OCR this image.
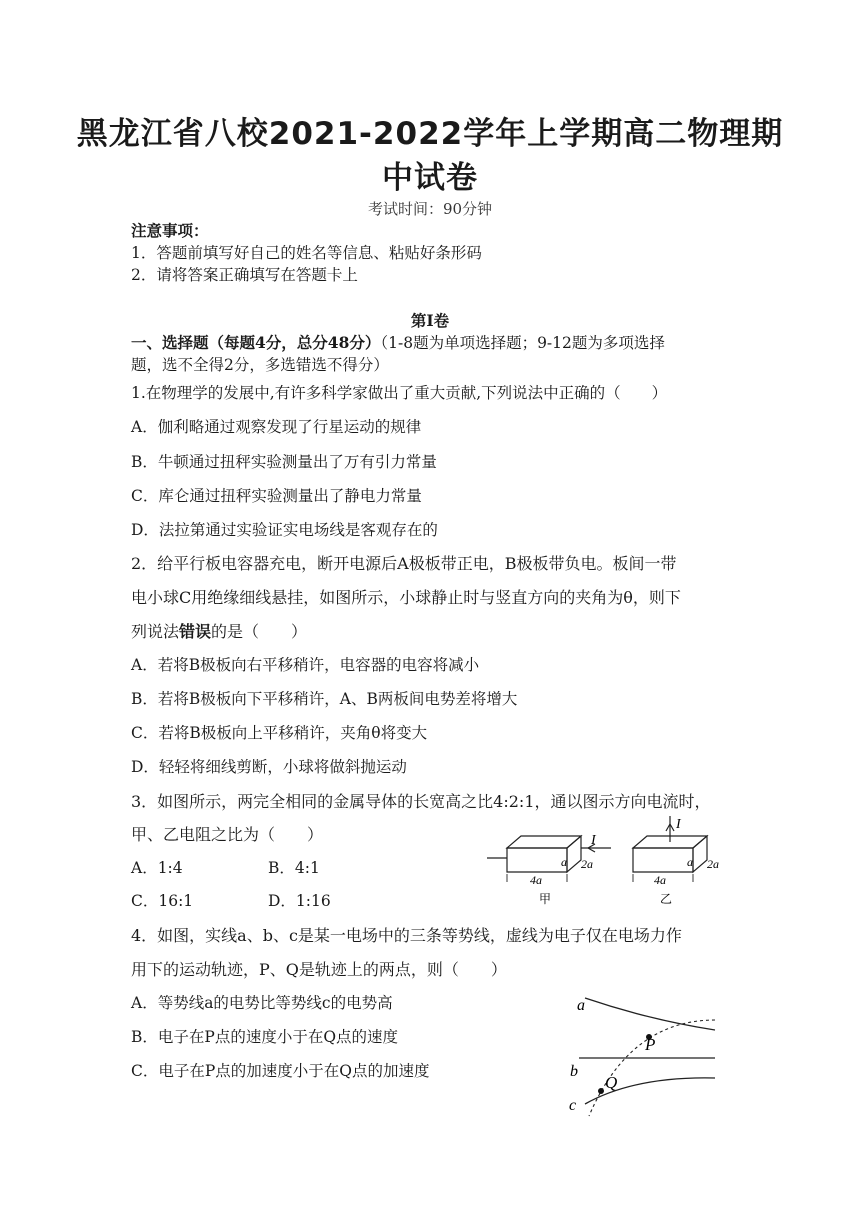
黑龙江省八校2021-2022学年上学期高二物理期
中试卷
考试时间：90分钟
注意事项：
1．答题前填写好自己的姓名等信息、粘贴好条形码
2．请将答案正确填写在答题卡上
第Ⅰ卷
一、选择题（每题4分，总分48分）（1-8题为单项选择题；9-12题为多项选择
题，选不全得2分，多选错选不得分）
1.在物理学的发展中,有许多科学家做出了重大贡献,下列说法中正确的（　　）
A．伽利略通过观察发现了行星运动的规律
B．牛顿通过扭秤实验测量出了万有引力常量
C．库仑通过扭秤实验测量出了静电力常量
D．法拉第通过实验证实电场线是客观存在的
2．给平行板电容器充电，断开电源后A极板带正电，B极板带负电。板间一带
电小球C用绝缘细线悬挂，如图所示，小球静止时与竖直方向的夹角为θ，则下
列说法错误的是（　　）
A．若将B极板向右平移稍许，电容器的电容将减小
B．若将B极板向下平移稍许，A、B两板间电势差将增大
C．若将B极板向上平移稍许，夹角θ将变大
D．轻轻将细线剪断，小球将做斜抛运动
3．如图所示，两完全相同的金属导体的长宽高之比4:2:1，通以图示方向电流时，
甲、乙电阻之比为（　　）
A．1:4	B．4:1
C．16:1	D．1:16
I
a 2a
4a
甲
I
a 2a
4a
乙
4．如图，实线a、b、c是某一电场中的三条等势线，虚线为电子仅在电场力作
用下的运动轨迹，P、Q是轨迹上的两点，则（　　）
A．等势线a的电势比等势线c的电势高
B．电子在P点的速度小于在Q点的速度
C．电子在P点的加速度小于在Q点的加速度
a
b
c
P
Q
